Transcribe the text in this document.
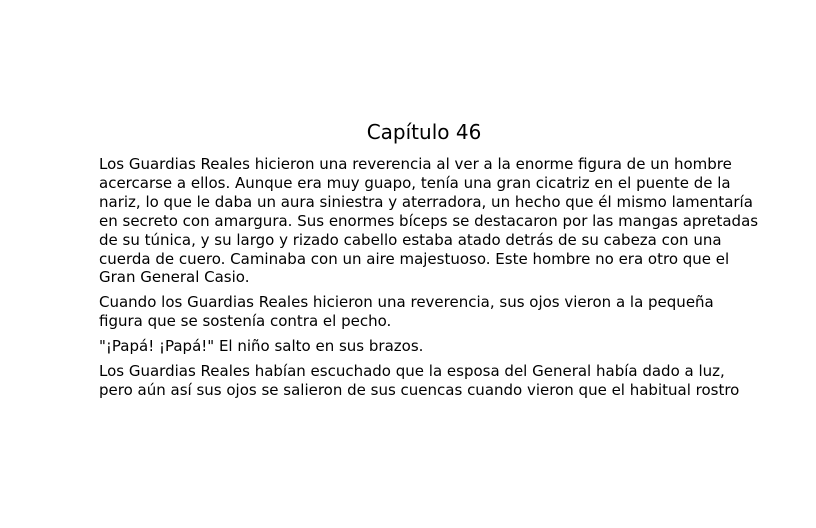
Capítulo 46

Los Guardias Reales hicieron una reverencia al ver a la enorme figura de un hombre
acercarse a ellos. Aunque era muy guapo, tenía una gran cicatriz en el puente de la
nariz, lo que le daba un aura siniestra y aterradora, un hecho que él mismo lamentaría
en secreto con amargura. Sus enormes bíceps se destacaron por las mangas apretadas
de su túnica, y su largo y rizado cabello estaba atado detrás de su cabeza con una
cuerda de cuero. Caminaba con un aire majestuoso. Este hombre no era otro que el
Gran General Casio.

Cuando los Guardias Reales hicieron una reverencia, sus ojos vieron a la pequeña
figura que se sostenía contra el pecho.

"¡Papá! ¡Papá!" El niño salto en sus brazos.

Los Guardias Reales habían escuchado que la esposa del General había dado a luz,
pero aún así sus ojos se salieron de sus cuencas cuando vieron que el habitual rostro
